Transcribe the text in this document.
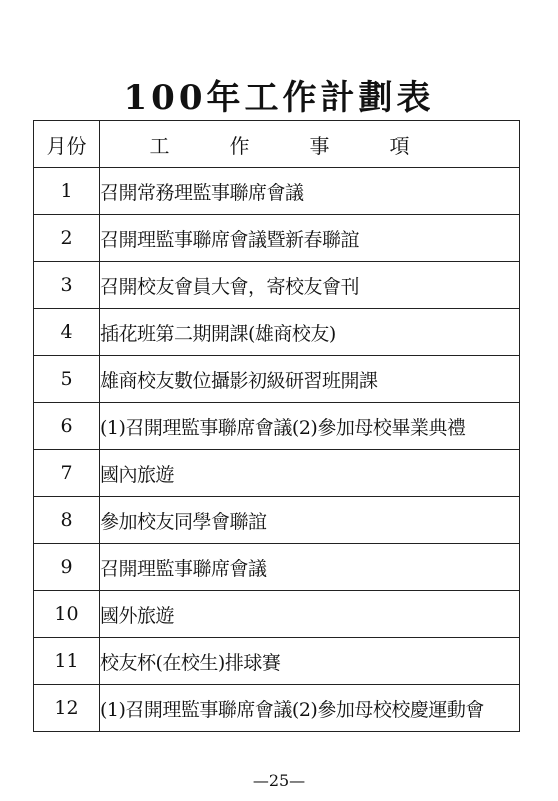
100年工作計劃表
月份	工作事項
1	召開常務理監事聯席會議
2	召開理監事聯席會議暨新春聯誼
3	召開校友會員大會，寄校友會刊
4	插花班第二期開課(雄商校友)
5	雄商校友數位攝影初級研習班開課
6	(1)召開理監事聯席會議(2)參加母校畢業典禮
7	國內旅遊
8	參加校友同學會聯誼
9	召開理監事聯席會議
10	國外旅遊
11	校友杯(在校生)排球賽
12	(1)召開理監事聯席會議(2)參加母校校慶運動會
—25—
